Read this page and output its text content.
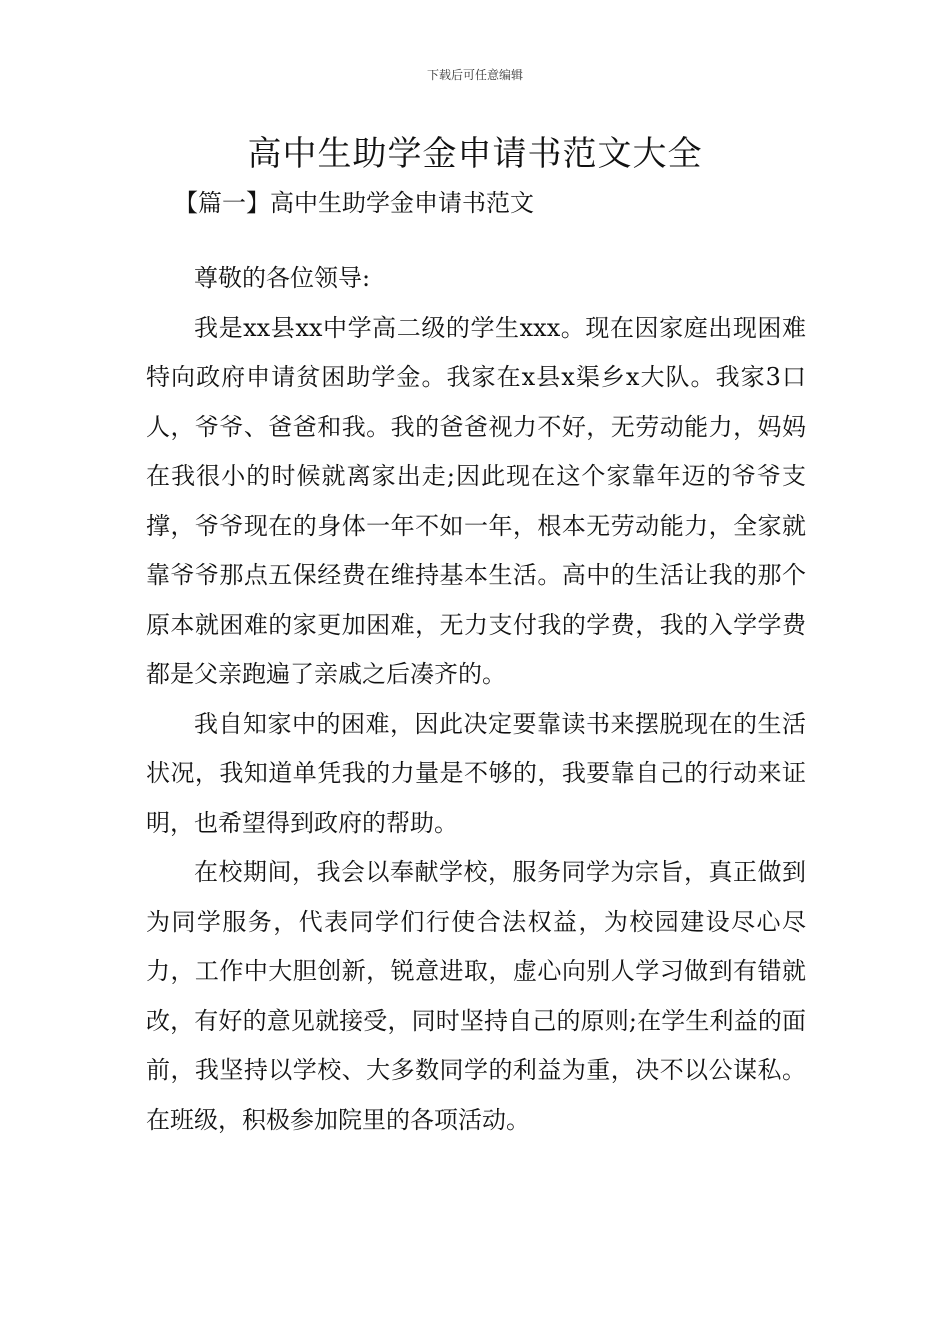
下载后可任意编辑
高中生助学金申请书范文大全
【篇一】高中生助学金申请书范文

尊敬的各位领导:

我是xx县xx中学高二级的学生xxx。现在因家庭出现困难特向政府申请贫困助学金。我家在x县x渠乡x大队。我家3口人，爷爷、爸爸和我。我的爸爸视力不好，无劳动能力，妈妈在我很小的时候就离家出走;因此现在这个家靠年迈的爷爷支撑，爷爷现在的身体一年不如一年，根本无劳动能力，全家就靠爷爷那点五保经费在维持基本生活。高中的生活让我的那个原本就困难的家更加困难，无力支付我的学费，我的入学学费都是父亲跑遍了亲戚之后凑齐的。

我自知家中的困难，因此决定要靠读书来摆脱现在的生活状况，我知道单凭我的力量是不够的，我要靠自己的行动来证明，也希望得到政府的帮助。

在校期间，我会以奉献学校，服务同学为宗旨，真正做到为同学服务，代表同学们行使合法权益，为校园建设尽心尽力，工作中大胆创新，锐意进取，虚心向别人学习做到有错就改，有好的意见就接受，同时坚持自己的原则;在学生利益的面前，我坚持以学校、大多数同学的利益为重，决不以公谋私。在班级，积极参加院里的各项活动。
